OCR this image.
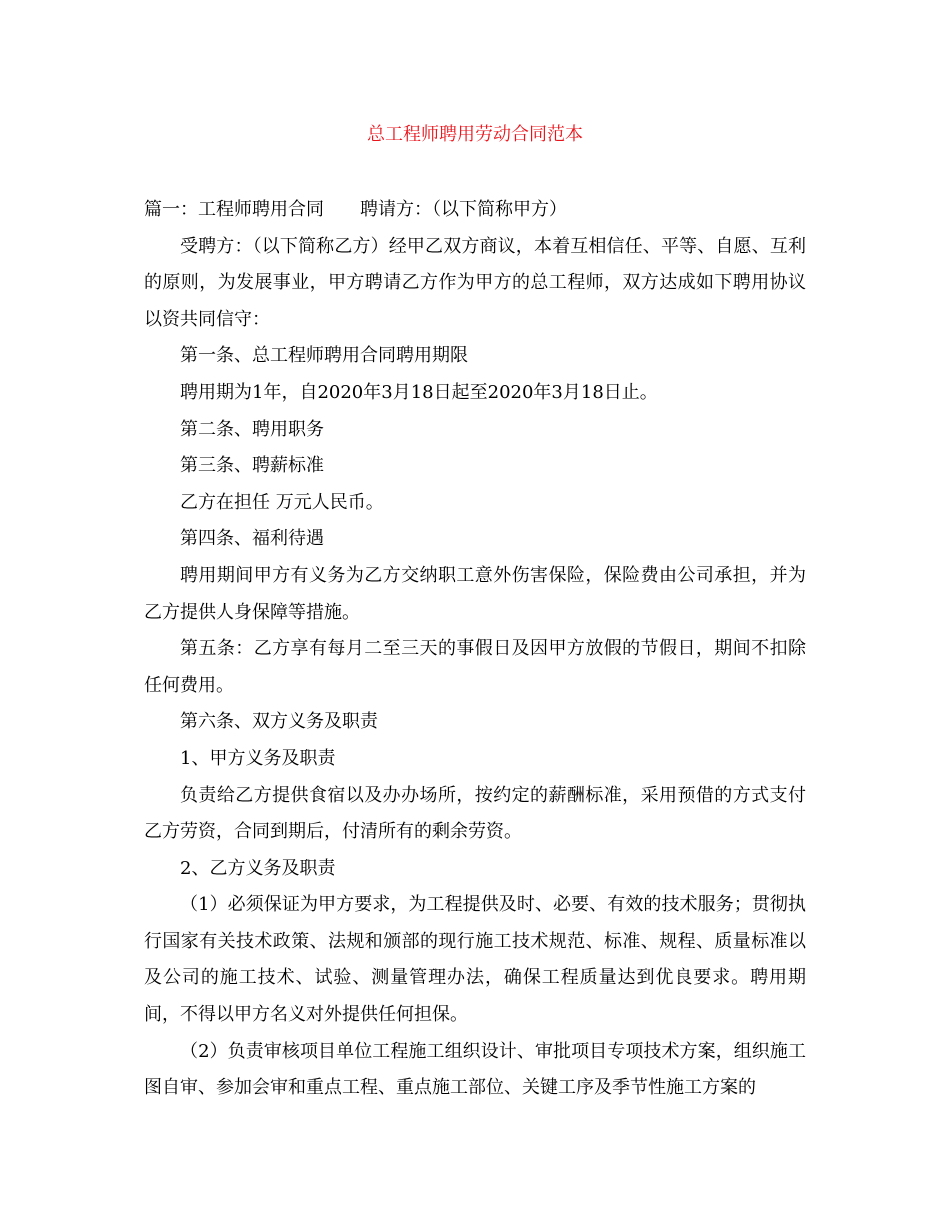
总工程师聘用劳动合同范本

篇一：工程师聘用合同　　聘请方：（以下简称甲方）

受聘方：（以下简称乙方）经甲乙双方商议，本着互相信任、平等、自愿、互利的原则，为发展事业，甲方聘请乙方作为甲方的总工程师，双方达成如下聘用协议以资共同信守：

第一条、总工程师聘用合同聘用期限

聘用期为1年，自2020年3月18日起至2020年3月18日止。

第二条、聘用职务

第三条、聘薪标准

乙方在担任 万元人民币。

第四条、福利待遇

聘用期间甲方有义务为乙方交纳职工意外伤害保险，保险费由公司承担，并为乙方提供人身保障等措施。

第五条：乙方享有每月二至三天的事假日及因甲方放假的节假日，期间不扣除任何费用。

第六条、双方义务及职责

1、甲方义务及职责

负责给乙方提供食宿以及办办场所，按约定的薪酬标准，采用预借的方式支付乙方劳资，合同到期后，付清所有的剩余劳资。

2、乙方义务及职责

（1）必须保证为甲方要求，为工程提供及时、必要、有效的技术服务；贯彻执行国家有关技术政策、法规和颁部的现行施工技术规范、标准、规程、质量标准以及公司的施工技术、试验、测量管理办法，确保工程质量达到优良要求。聘用期间，不得以甲方名义对外提供任何担保。

（2）负责审核项目单位工程施工组织设计、审批项目专项技术方案，组织施工图自审、参加会审和重点工程、重点施工部位、关键工序及季节性施工方案的
